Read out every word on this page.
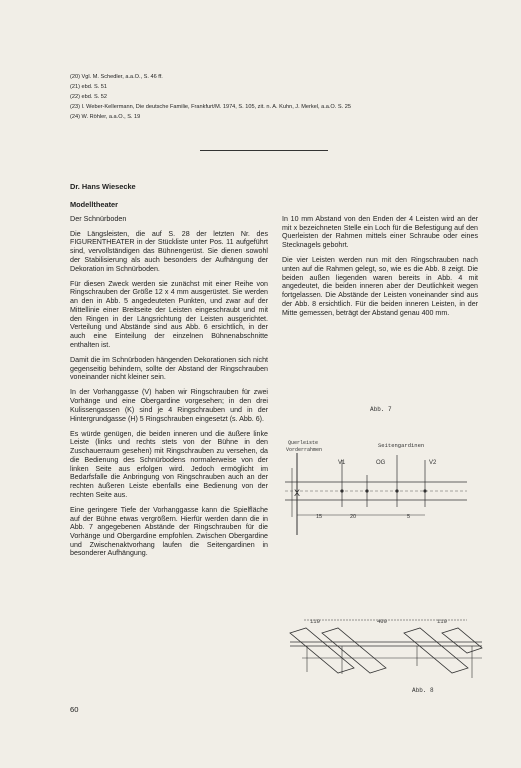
(20) Vgl. M. Schedler, a.a.O., S. 46 ff.
(21) ebd. S. 51
(22) ebd. S. 52
(23) I. Weber-Kellermann, Die deutsche Familie, Frankfurt/M. 1974, S. 105, zit. n. A. Kuhn, J. Merkel, a.a.O. S. 25
(24) W. Röhler, a.a.O., S. 19
Dr. Hans Wiesecke
Modelltheater
Der Schnürboden

Die Längsleisten, die auf S. 28 der letzten Nr. des FIGURENTHEATER in der Stückliste unter Pos. 11 aufgeführt sind, vervollständigen das Bühnengerüst. Sie dienen sowohl der Stabilisierung als auch besonders der Aufhängung der Dekoration im Schnürboden.

Für diesen Zweck werden sie zunächst mit einer Reihe von Ringschrauben der Größe 12 x 4 mm ausgerüstet. Sie werden an den in Abb. 5 angedeuteten Punkten, und zwar auf der Mittellinie einer Breitseite der Leisten eingeschraubt und mit den Ringen in der Längsrichtung der Leisten ausgerichtet. Verteilung und Abstände sind aus Abb. 6 ersichtlich, in der auch eine Einteilung der einzelnen Bühnenabschnitte enthalten ist.

Damit die im Schnürboden hängenden Dekorationen sich nicht gegenseitig behindern, sollte der Abstand der Ringschrauben voneinander nicht kleiner sein.

In der Vorhanggasse (V) haben wir Ringschrauben für zwei Vorhänge und eine Obergardine vorgesehen; in den drei Kulissengassen (K) sind je 4 Ringschrauben und in der Hintergrundgasse (H) 5 Ringschrauben eingesetzt (s. Abb. 6).

Es würde genügen, die beiden inneren und die äußere linke Leiste (links und rechts stets von der Bühne in den Zuschauerraum gesehen) mit Ringschrauben zu versehen, da die Bedienung des Schnürbodens normalerweise von der linken Seite aus erfolgen wird. Jedoch ermöglicht im Bedarfsfalle die Anbringung von Ringschrauben auch an der rechten äußeren Leiste ebenfalls eine Bedienung von der rechten Seite aus.

Eine geringere Tiefe der Vorhanggasse kann die Spielfläche auf der Bühne etwas vergrößern. Hierfür werden dann die in Abb. 7 angegebenen Abstände der Ringschrauben für die Vorhänge und Obergardine empfohlen. Zwischen Obergardine und Zwischenaktvorhang laufen die Seitengardinen in besonderer Aufhängung.

In 10 mm Abstand von den Enden der 4 Leisten wird an der mit x bezeichneten Stelle ein Loch für die Befestigung auf den Querleisten der Rahmen mittels einer Schraube oder eines Stecknagels gebohrt.

Die vier Leisten werden nun mit den Ringschrauben nach unten auf die Rahmen gelegt, so, wie es die Abb. 8 zeigt. Die beiden außen liegenden waren bereits in Abb. 4 mit angedeutet, die beiden inneren aber der Deutlichkeit wegen fortgelassen. Die Abstände der Leisten voneinander sind aus der Abb. 8 ersichtlich. Für die beiden inneren Leisten, in der Mitte gemessen, beträgt der Abstand genau 400 mm.

Abb. 7
Querleiste
Vorderrahmen
Seitengardinen
X
V1	OG	V2
15	20	5
110	400	110
Abb. 8
60
